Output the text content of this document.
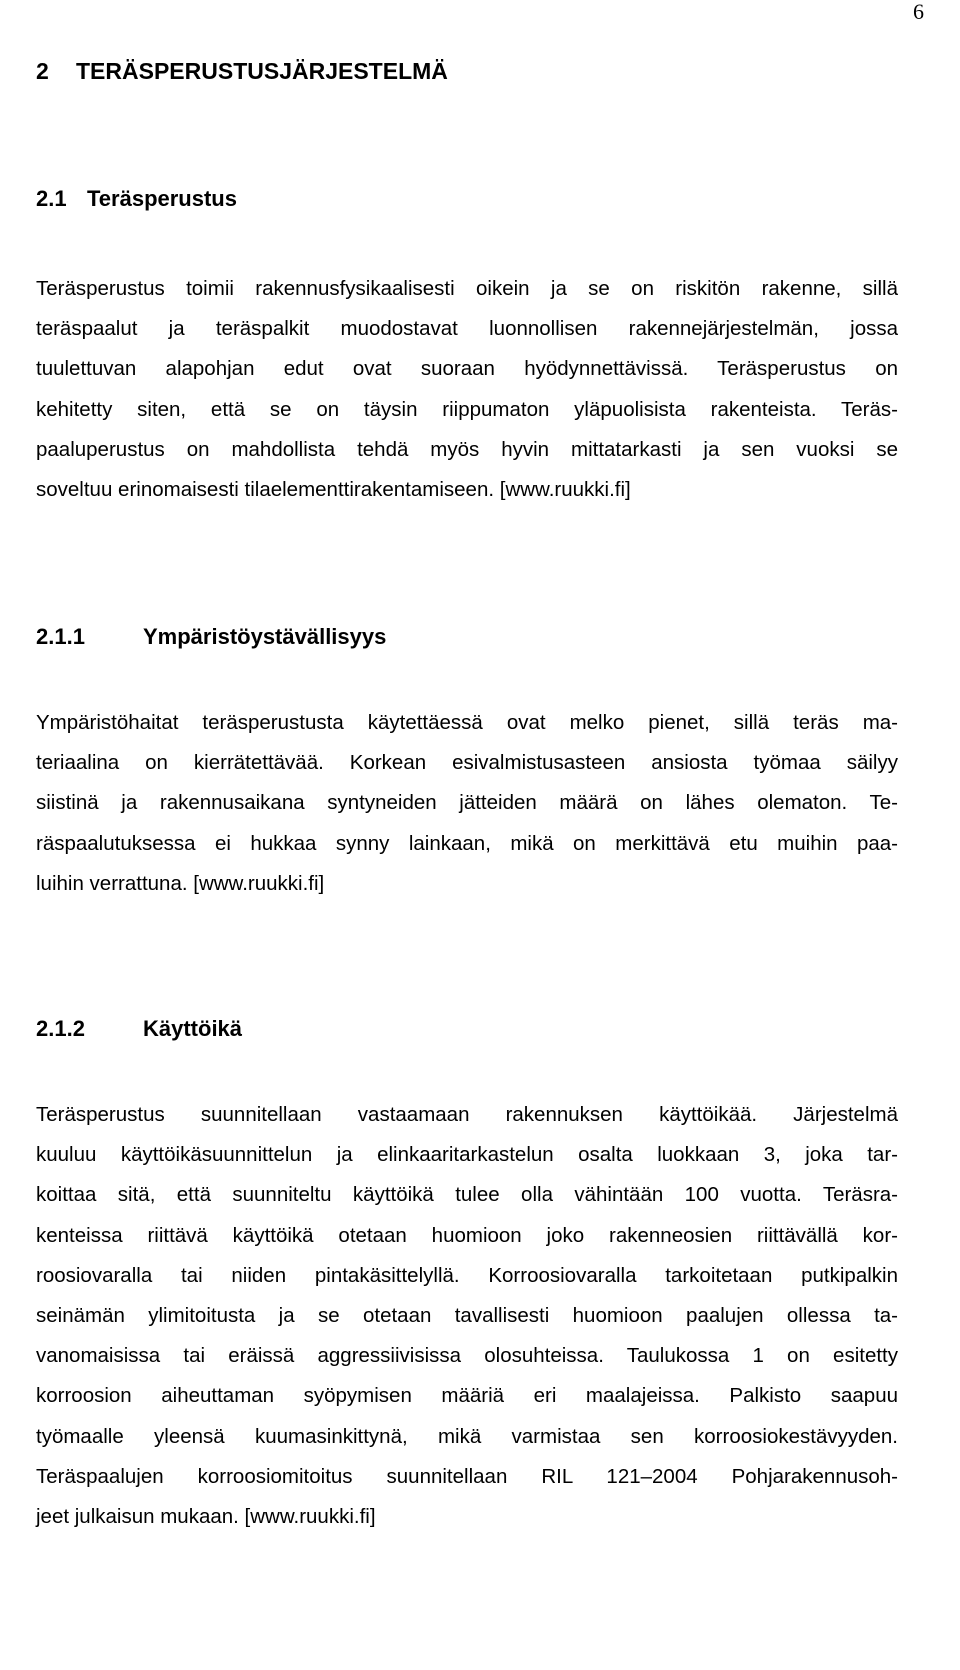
6
2 TERÄSPERUSTUSJÄRJESTELMÄ
2.1 Teräsperustus
Teräsperustus toimii rakennusfysikaalisesti oikein ja se on riskitön rakenne, sillä
teräspaalut ja teräspalkit muodostavat luonnollisen rakennejärjestelmän, jossa
tuulettuvan alapohjan edut ovat suoraan hyödynnettävissä. Teräsperustus on
kehitetty siten, että se on täysin riippumaton yläpuolisista rakenteista. Teräs-
paaluperustus on mahdollista tehdä myös hyvin mittatarkasti ja sen vuoksi se
soveltuu erinomaisesti tilaelementtirakentamiseen. [www.ruukki.fi]
2.1.1	Ympäristöystävällisyys
Ympäristöhaitat teräsperustusta käytettäessä ovat melko pienet, sillä teräs ma-
teriaalina on kierrätettävää. Korkean esivalmistusasteen ansiosta työmaa säilyy
siistinä ja rakennusaikana syntyneiden jätteiden määrä on lähes olematon. Te-
räspaalutuksessa ei hukkaa synny lainkaan, mikä on merkittävä etu muihin paa-
luihin verrattuna. [www.ruukki.fi]
2.1.2	Käyttöikä
Teräsperustus suunnitellaan vastaamaan rakennuksen käyttöikää. Järjestelmä
kuuluu käyttöikäsuunnittelun ja elinkaaritarkastelun osalta luokkaan 3, joka tar-
koittaa sitä, että suunniteltu käyttöikä tulee olla vähintään 100 vuotta. Teräsra-
kenteissa riittävä käyttöikä otetaan huomioon joko rakenneosien riittävällä kor-
roosiovaralla tai niiden pintakäsittelyllä. Korroosiovaralla tarkoitetaan putkipalkin
seinämän ylimitoitusta ja se otetaan tavallisesti huomioon paalujen ollessa ta-
vanomaisissa tai eräissä aggressiivisissa olosuhteissa. Taulukossa 1 on esitetty
korroosion aiheuttaman syöpymisen määriä eri maalajeissa. Palkisto saapuu
työmaalle yleensä kuumasinkittynä, mikä varmistaa sen korroosiokestävyyden.
Teräspaalujen korroosiomitoitus suunnitellaan RIL 121–2004 Pohjarakennusoh-
jeet julkaisun mukaan. [www.ruukki.fi]
